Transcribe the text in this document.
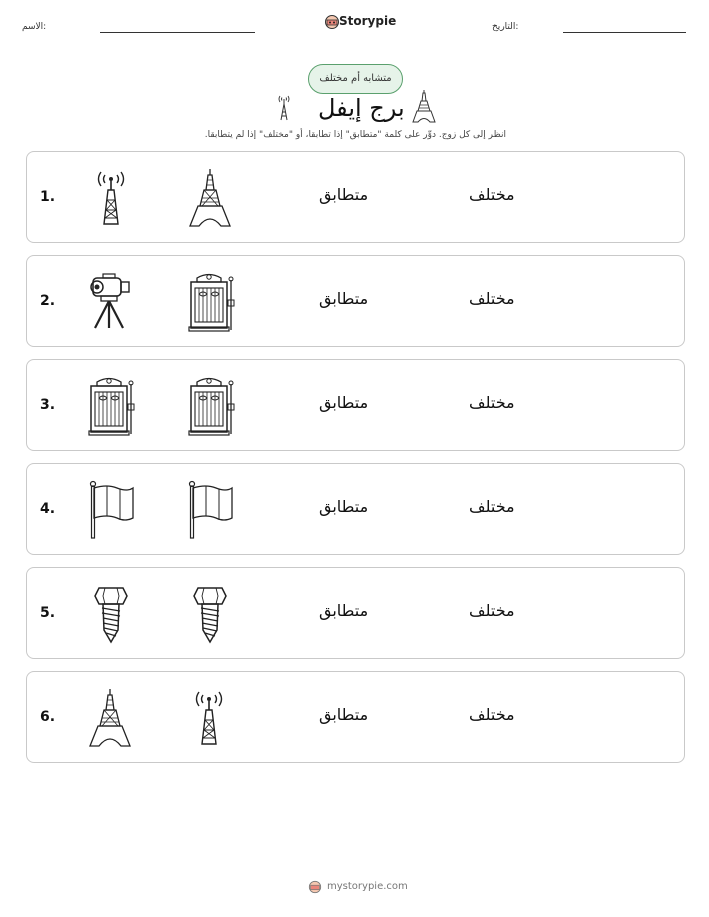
الاسم:	Storypie	التاريخ:
متشابه أم مختلف
برج إيفل
انظر إلى كل زوج. دوِّر على كلمة "متطابق" إذا تطابقا، أو "مختلف" إذا لم يتطابقا.
1.	متطابق	مختلف
2.	متطابق	مختلف
3.	متطابق	مختلف
4.	متطابق	مختلف
5.	متطابق	مختلف
6.	متطابق	مختلف
mystorypie.com
